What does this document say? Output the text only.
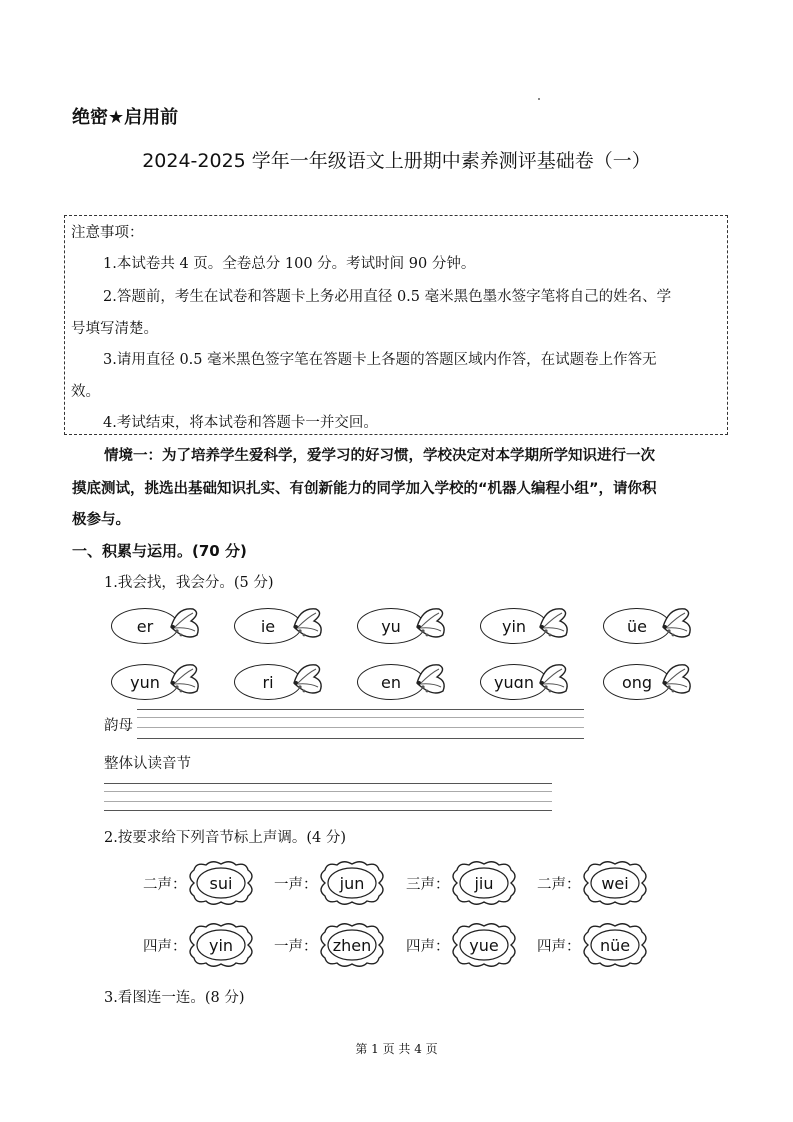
绝密★启用前
2024-2025 学年一年级语文上册期中素养测评基础卷（一）
注意事项：
1.本试卷共 4 页。全卷总分 100 分。考试时间 90 分钟。
2.答题前，考生在试卷和答题卡上务必用直径 0.5 毫米黑色墨水签字笔将自己的姓名、学
号填写清楚。
3.请用直径 0.5 毫米黑色签字笔在答题卡上各题的答题区域内作答，在试题卷上作答无
效。
4.考试结束，将本试卷和答题卡一并交回。
情境一：为了培养学生爱科学，爱学习的好习惯，学校决定对本学期所学知识进行一次
摸底测试，挑选出基础知识扎实、有创新能力的同学加入学校的“机器人编程小组”，请你积
极参与。
一、积累与运用。(70 分)
1.我会找，我会分。(5 分)
er	ie	yu	yin	üe
yun	ri	en	yuɑn	ong
韵母
整体认读音节
2.按要求给下列音节标上声调。(4 分)
二声：	sui	一声：	jun	三声：	jiu	二声：	wei
四声：	yin	一声： zhen	四声：	yue	四声：	nüe
3.看图连一连。(8 分)
第 1 页 共 4 页
